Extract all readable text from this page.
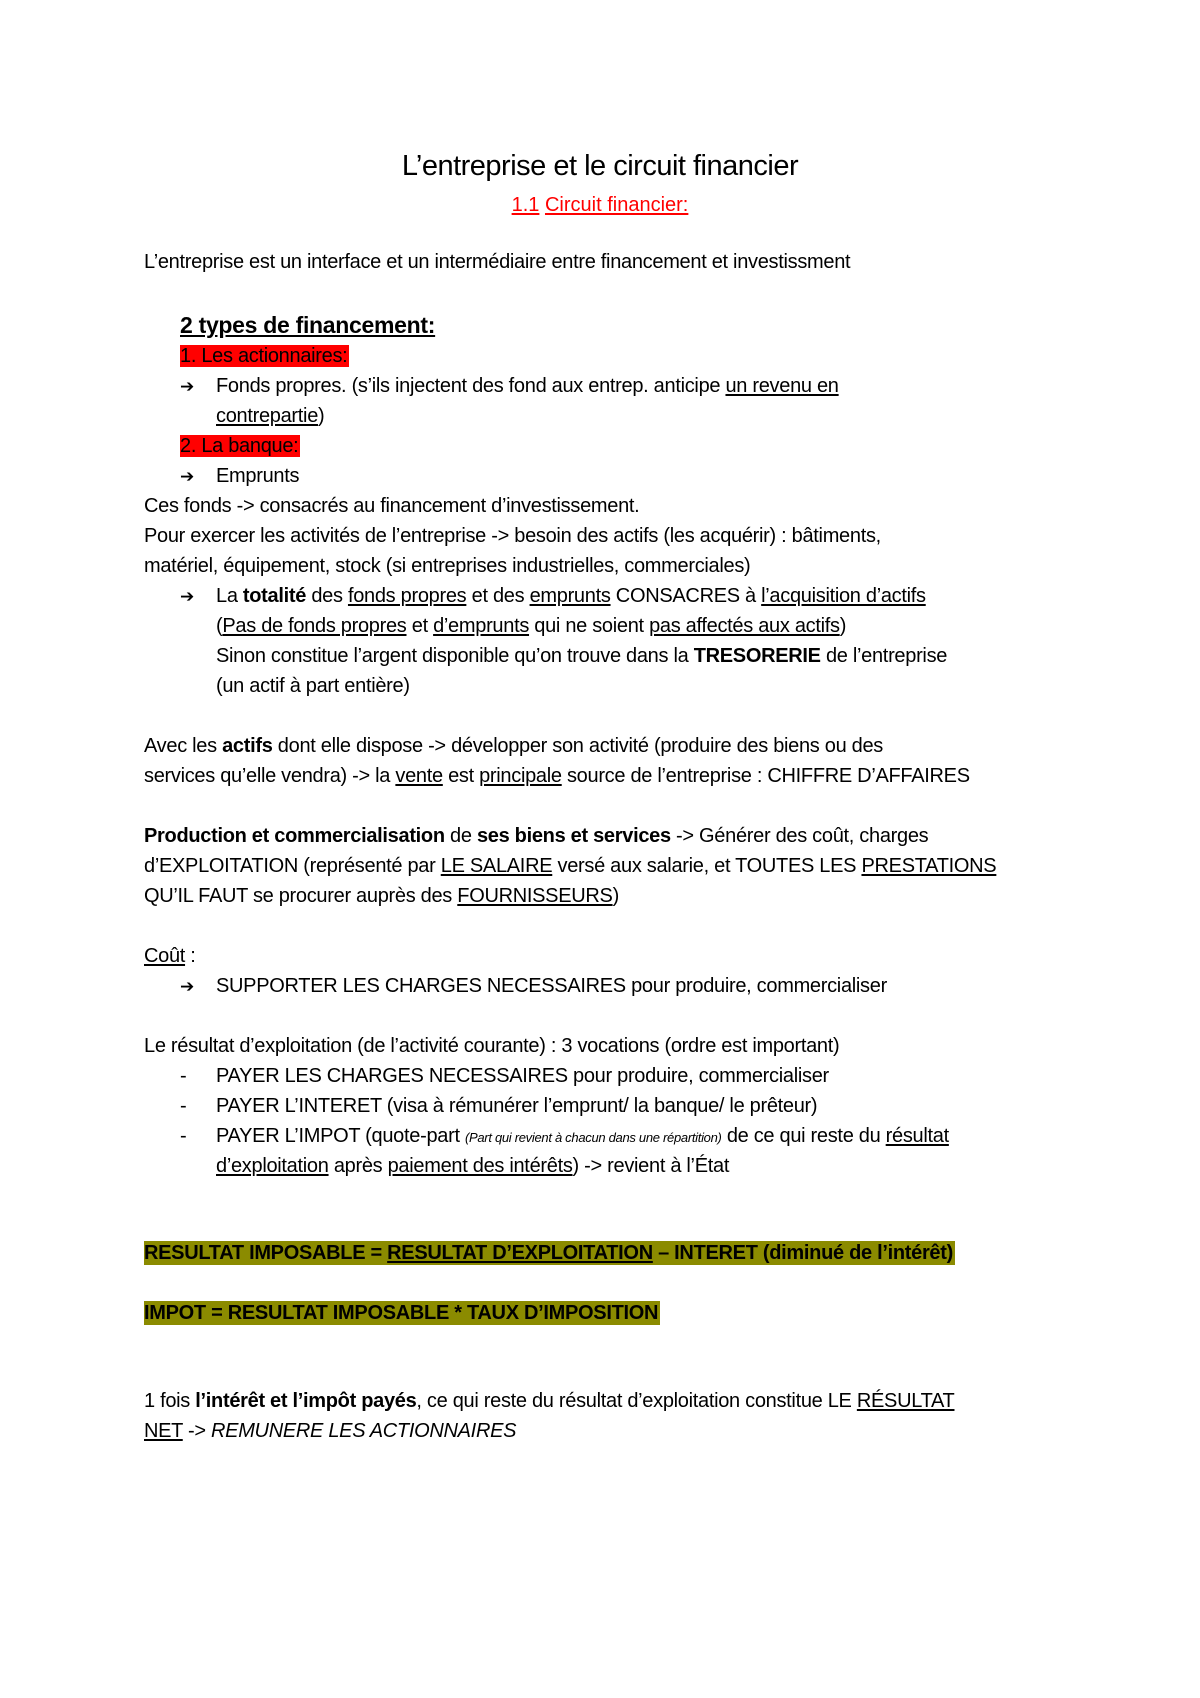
L’entreprise et le circuit financier
1.1 Circuit financier:
L’entreprise est un interface et un intermédiaire entre financement et investissment
2 types de financement:
1. Les actionnaires:
➔ Fonds propres. (s’ils injectent des fond aux entrep. anticipe un revenu en
contrepartie)
2. La banque:
➔ Emprunts
Ces fonds -> consacrés au financement d’investissement.
Pour exercer les activités de l’entreprise -> besoin des actifs (les acquérir) : bâtiments,
matériel, équipement, stock (si entreprises industrielles, commerciales)
➔ La totalité des fonds propres et des emprunts CONSACRES à l’acquisition d’actifs
(Pas de fonds propres et d’emprunts qui ne soient pas affectés aux actifs)
Sinon constitue l’argent disponible qu’on trouve dans la TRESORERIE de l’entreprise
(un actif à part entière)
Avec les actifs dont elle dispose -> développer son activité (produire des biens ou des
services qu’elle vendra) -> la vente est principale source de l’entreprise : CHIFFRE D’AFFAIRES
Production et commercialisation de ses biens et services -> Générer des coût, charges
d’EXPLOITATION (représenté par LE SALAIRE versé aux salarie, et TOUTES LES PRESTATIONS
QU’IL FAUT se procurer auprès des FOURNISSEURS)
Coût :
➔ SUPPORTER LES CHARGES NECESSAIRES pour produire, commercialiser
Le résultat d’exploitation (de l’activité courante) : 3 vocations (ordre est important)
- PAYER LES CHARGES NECESSAIRES pour produire, commercialiser
- PAYER L’INTERET (visa à rémunérer l’emprunt/ la banque/ le prêteur)
- PAYER L’IMPOT (quote-part (Part qui revient à chacun dans une répartition) de ce qui reste du résultat
d’exploitation après paiement des intérêts) -> revient à l’État
RESULTAT IMPOSABLE = RESULTAT D’EXPLOITATION – INTERET (diminué de l’intérêt)
IMPOT = RESULTAT IMPOSABLE * TAUX D’IMPOSITION
1 fois l’intérêt et l’impôt payés, ce qui reste du résultat d’exploitation constitue LE RÉSULTAT
NET -> REMUNERE LES ACTIONNAIRES
